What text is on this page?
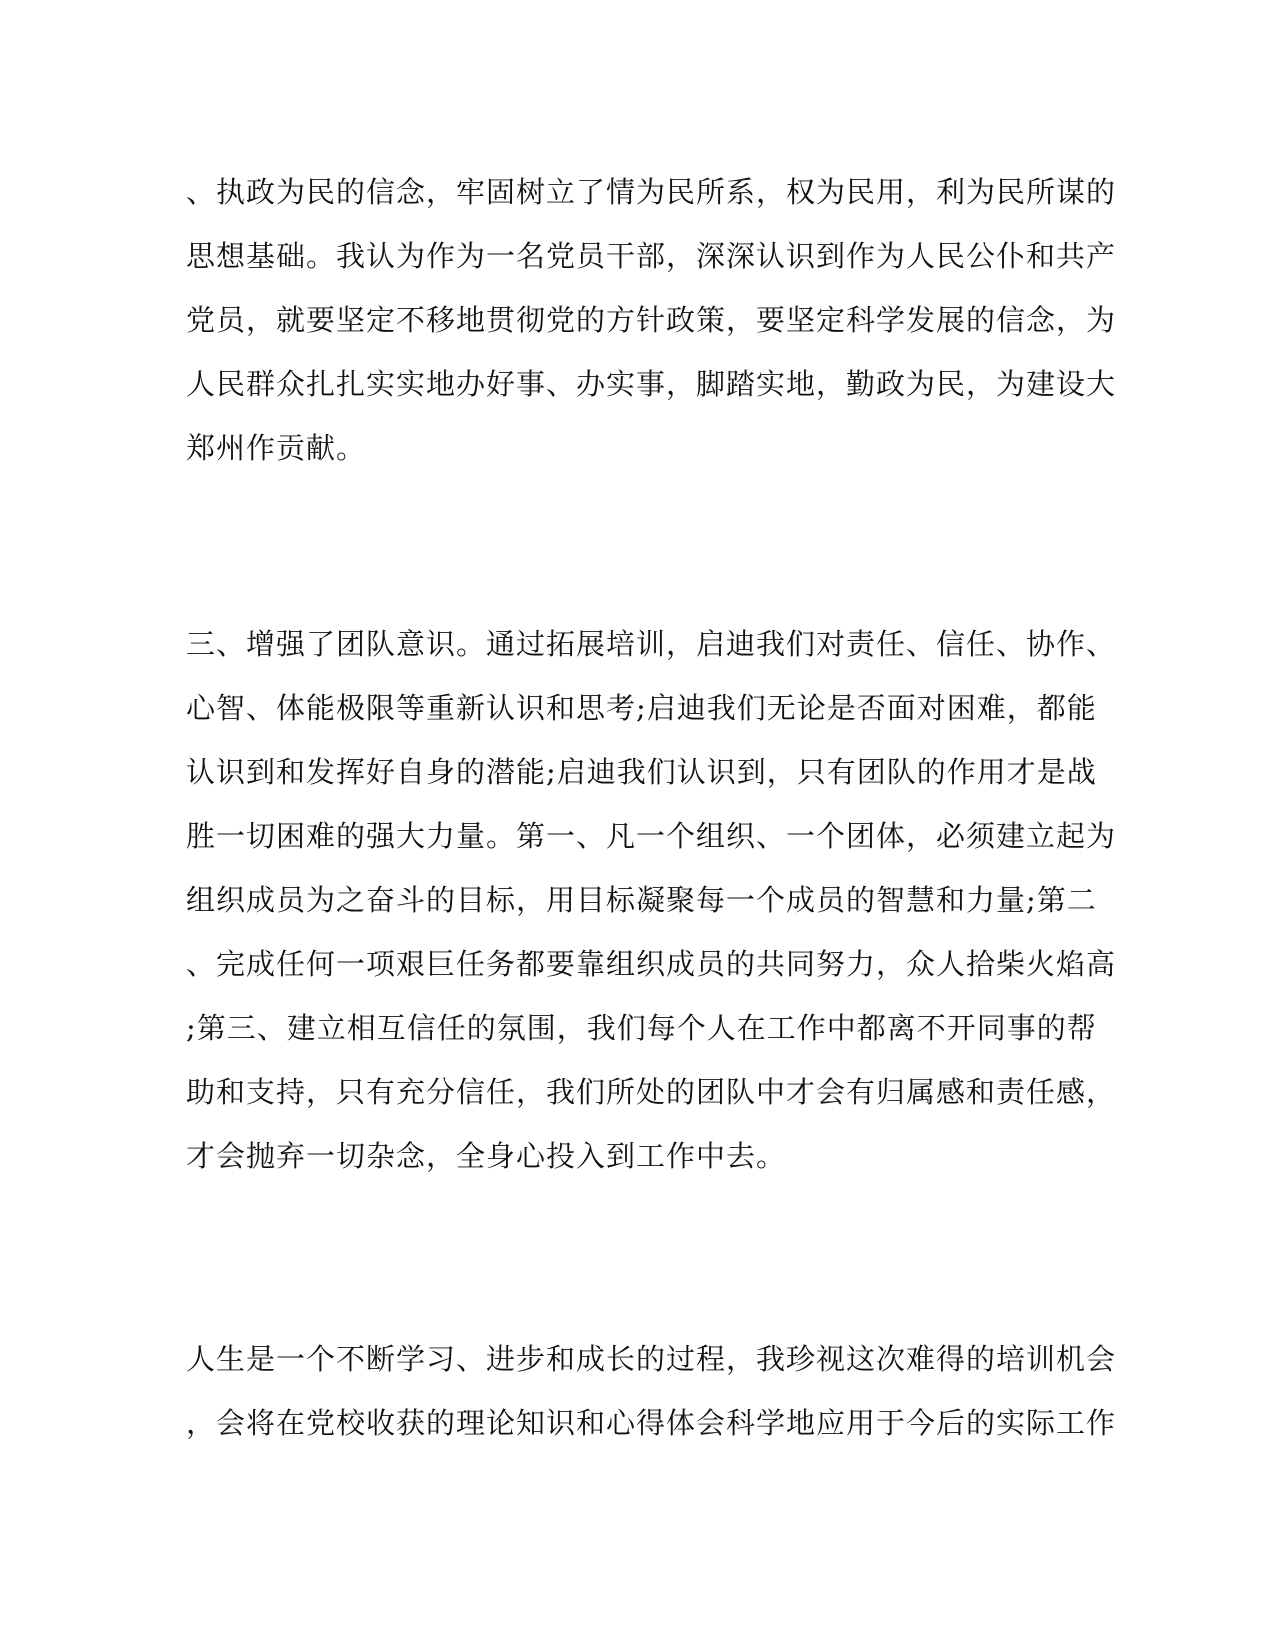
、执政为民的信念，牢固树立了情为民所系，权为民用，利为民所谋的
思想基础。我认为作为一名党员干部，深深认识到作为人民公仆和共产
党员，就要坚定不移地贯彻党的方针政策，要坚定科学发展的信念，为
人民群众扎扎实实地办好事、办实事，脚踏实地，勤政为民，为建设大
郑州作贡献。
三、增强了团队意识。通过拓展培训，启迪我们对责任、信任、协作、
心智、体能极限等重新认识和思考;启迪我们无论是否面对困难，都能
认识到和发挥好自身的潜能;启迪我们认识到，只有团队的作用才是战
胜一切困难的强大力量。第一、凡一个组织、一个团体，必须建立起为
组织成员为之奋斗的目标，用目标凝聚每一个成员的智慧和力量;第二
、完成任何一项艰巨任务都要靠组织成员的共同努力，众人拾柴火焰高
;第三、建立相互信任的氛围，我们每个人在工作中都离不开同事的帮
助和支持，只有充分信任，我们所处的团队中才会有归属感和责任感，
才会抛弃一切杂念，全身心投入到工作中去。
人生是一个不断学习、进步和成长的过程，我珍视这次难得的培训机会
，会将在党校收获的理论知识和心得体会科学地应用于今后的实际工作
